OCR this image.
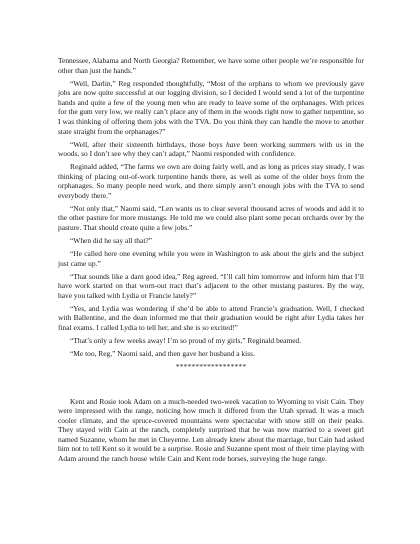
Tennessee, Alabama and North Georgia? Remember, we have some other people we’re responsible for other than just the hands.”

“Well, Darlin,” Reg responded thoughtfully, “Most of the orphans to whom we previously gave jobs are now quite successful at our logging division, so I decided I would send a lot of the turpentine hands and quite a few of the young men who are ready to leave some of the orphanages. With prices for the gum very low, we really can’t place any of them in the woods right now to gather turpentine, so I was thinking of offering them jobs with the TVA. Do you think they can handle the move to another state straight from the orphanages?”

“Well, after their sixteenth birthdays, those boys have been working summers with us in the woods, so I don’t see why they can’t adapt,” Naomi responded with confidence.

Reginald added, “The farms we own are doing fairly well, and as long as prices stay steady, I was thinking of placing out-of-work turpentine hands there, as well as some of the older boys from the orphanages. So many people need work, and there simply aren’t enough jobs with the TVA to send everybody there.”

“Not only that,” Naomi said, “Len wants us to clear several thousand acres of woods and add it to the other pasture for more mustangs. He told me we could also plant some pecan orchards over by the pasture. That should create quite a few jobs.”

“When did he say all that?”

“He called here one evening while you were in Washington to ask about the girls and the subject just came up.”

“That sounds like a darn good idea,” Reg agreed. “I’ll call him tomorrow and inform him that I’ll have work started on that worn-out tract that’s adjacent to the other mustang pastures. By the way, have you talked with Lydia or Francie lately?”

“Yes, and Lydia was wondering if she’d be able to attend Francie’s graduation. Well, I checked with Ballentine, and the dean informed me that their graduation would be right after Lydia takes her final exams. I called Lydia to tell her, and she is so excited!”

“That’s only a few weeks away! I’m so proud of my girls,” Reginald beamed.

“Me too, Reg,” Naomi said, and then gave her husband a kiss.

******************

Kent and Rosie took Adam on a much-needed two-week vacation to Wyoming to visit Cain. They were impressed with the range, noticing how much it differed from the Utah spread. It was a much cooler climate, and the spruce-covered mountains were spectacular with snow still on their peaks. They stayed with Cain at the ranch, completely surprised that he was now married to a sweet girl named Suzanne, whom he met in Cheyenne. Len already knew about the marriage, but Cain had asked him not to tell Kent so it would be a surprise. Rosie and Suzanne spent most of their time playing with Adam around the ranch house while Cain and Kent rode horses, surveying the huge range.
